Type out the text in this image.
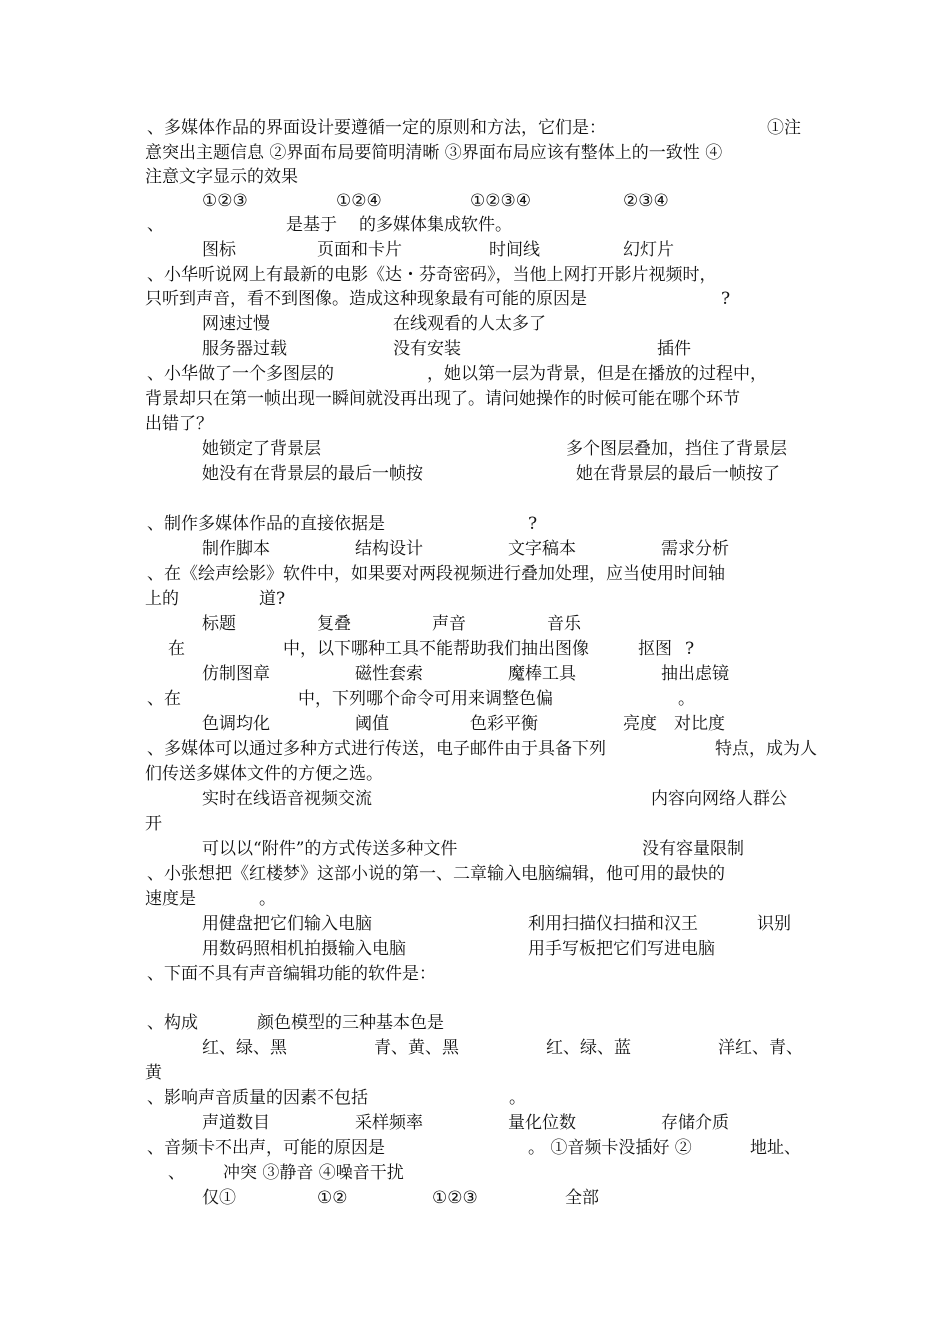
、多媒体作品的界面设计要遵循一定的原则和方法，它们是：	①注
意突出主题信息 ②界面布局要简明清晰 ③界面布局应该有整体上的一致性 ④
注意文字显示的效果
①②③	①②④	①②③④	②③④
、	是基于 的多媒体集成软件。
图标	页面和卡片	时间线	幻灯片
、小华听说网上有最新的电影《达・芬奇密码》，当他上网打开影片视频时，
只听到声音，看不到图像。造成这种现象最有可能的原因是	?
网速过慢	在线观看的人太多了
服务器过载	没有安装	插件
、小华做了一个多图层的	，她以第一层为背景，但是在播放的过程中，
背景却只在第一帧出现一瞬间就没再出现了。请问她操作的时候可能在哪个环节
出错了？
她锁定了背景层	多个图层叠加，挡住了背景层
她没有在背景层的最后一帧按	她在背景层的最后一帧按了
、制作多媒体作品的直接依据是	?
制作脚本	结构设计	文字稿本	需求分析
、在《绘声绘影》软件中，如果要对两段视频进行叠加处理，应当使用时间轴
上的	道?
标题	复叠	声音	音乐
在	中，以下哪种工具不能帮助我们抽出图像	抠图 ?
仿制图章	磁性套索	魔棒工具	抽出虑镜
、在	中，下列哪个命令可用来调整色偏	。
色调均化	阈值	色彩平衡	亮度 对比度
、多媒体可以通过多种方式进行传送，电子邮件由于具备下列	特点，成为人
们传送多媒体文件的方便之选。
实时在线语音视频交流	内容向网络人群公
开
可以以“附件”的方式传送多种文件	没有容量限制
、小张想把《红楼梦》这部小说的第一、二章输入电脑编辑，他可用的最快的
速度是	。
用健盘把它们输入电脑	利用扫描仪扫描和汉王	识别
用数码照相机拍摄输入电脑	用手写板把它们写进电脑
、下面不具有声音编辑功能的软件是：
、构成	颜色模型的三种基本色是
红、绿、黑	青、黄、黑	红、绿、蓝	洋红、青、
黄
、影响声音质量的因素不包括	。
声道数目	采样频率	量化位数	存储介质
、音频卡不出声，可能的原因是	。 ①音频卡没插好 ②	地址、
、 冲突 ③静音 ④噪音干扰
仅①	①②	①②③	全部
